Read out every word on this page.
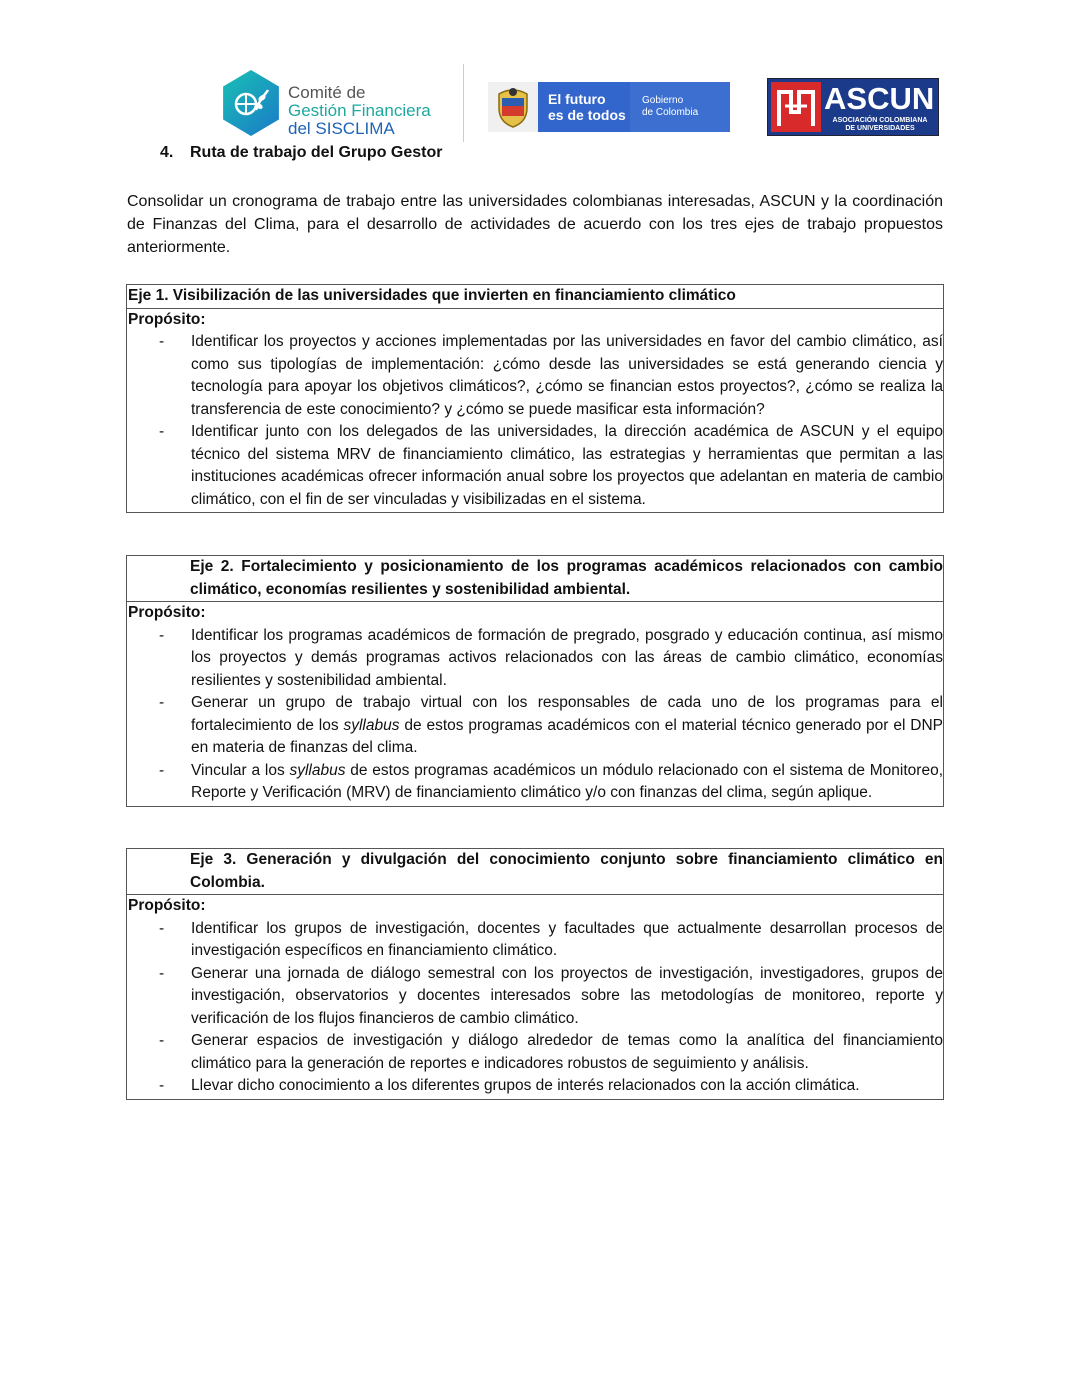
Comité de
Gestión Financiera
del SISCLIMA
El futuro
es de todos
Gobierno
de Colombia	ASCUN
ASOCIACIÓN COLOMBIANA
DE UNIVERSIDADES
4. Ruta de trabajo del Grupo Gestor

Consolidar un cronograma de trabajo entre las universidades colombianas interesadas, ASCUN y la coordinación de Finanzas del Clima, para el desarrollo de actividades de acuerdo con los tres ejes de trabajo propuestos anteriormente.

Eje 1. Visibilización de las universidades que invierten en financiamiento climático
Propósito:
- Identificar los proyectos y acciones implementadas por las universidades en favor del cambio climático, así como sus tipologías de implementación: ¿cómo desde las universidades se está generando ciencia y tecnología para apoyar los objetivos climáticos?, ¿cómo se financian estos proyectos?, ¿cómo se realiza la transferencia de este conocimiento? y ¿cómo se puede masificar esta información?
- Identificar junto con los delegados de las universidades, la dirección académica de ASCUN y el equipo técnico del sistema MRV de financiamiento climático, las estrategias y herramientas que permitan a las instituciones académicas ofrecer información anual sobre los proyectos que adelantan en materia de cambio climático, con el fin de ser vinculadas y visibilizadas en el sistema.
Eje 2. Fortalecimiento y posicionamiento de los programas académicos relacionados con cambio climático, economías resilientes y sostenibilidad ambiental.
Propósito:
- Identificar los programas académicos de formación de pregrado, posgrado y educación continua, así mismo los proyectos y demás programas activos relacionados con las áreas de cambio climático, economías resilientes y sostenibilidad ambiental.
- Generar un grupo de trabajo virtual con los responsables de cada uno de los programas para el fortalecimiento de los syllabus de estos programas académicos con el material técnico generado por el DNP en materia de finanzas del clima.
- Vincular a los syllabus de estos programas académicos un módulo relacionado con el sistema de Monitoreo, Reporte y Verificación (MRV) de financiamiento climático y/o con finanzas del clima, según aplique.
Eje 3. Generación y divulgación del conocimiento conjunto sobre financiamiento climático en Colombia.
Propósito:
- Identificar los grupos de investigación, docentes y facultades que actualmente desarrollan procesos de investigación específicos en financiamiento climático.
- Generar una jornada de diálogo semestral con los proyectos de investigación, investigadores, grupos de investigación, observatorios y docentes interesados sobre las metodologías de monitoreo, reporte y verificación de los flujos financieros de cambio climático.
- Generar espacios de investigación y diálogo alrededor de temas como la analítica del financiamiento climático para la generación de reportes e indicadores robustos de seguimiento y análisis.
- Llevar dicho conocimiento a los diferentes grupos de interés relacionados con la acción climática.
